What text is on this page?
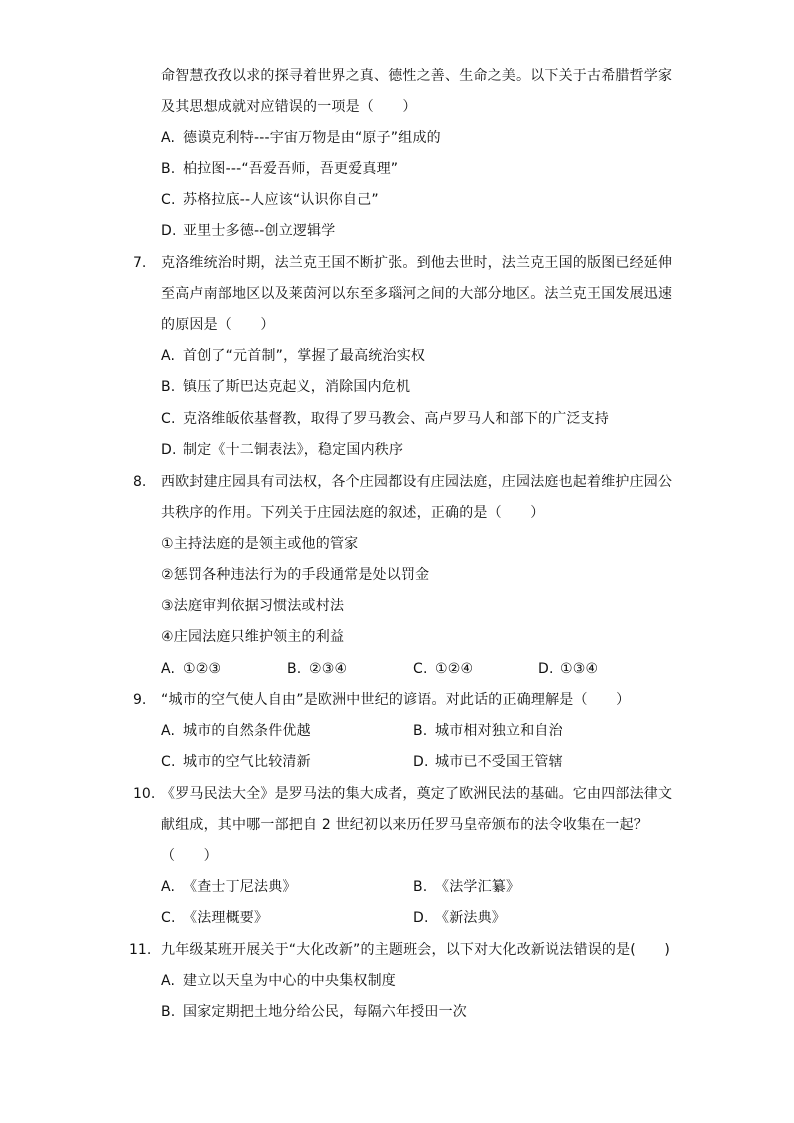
命智慧孜孜以求的探寻着世界之真、德性之善、生命之美。以下关于古希腊哲学家
及其思想成就对应错误的一项是（　　）
A. 德谟克利特---宇宙万物是由“原子”组成的
B. 柏拉图---“吾爱吾师，吾更爱真理”
C. 苏格拉底--人应该“认识你自己”
D. 亚里士多德--创立逻辑学
7. 克洛维统治时期，法兰克王国不断扩张。到他去世时，法兰克王国的版图已经延伸
至高卢南部地区以及莱茵河以东至多瑙河之间的大部分地区。法兰克王国发展迅速
的原因是（　　）
A. 首创了“元首制”，掌握了最高统治实权
B. 镇压了斯巴达克起义，消除国内危机
C. 克洛维皈依基督教，取得了罗马教会、高卢罗马人和部下的广泛支持
D. 制定《十二铜表法》，稳定国内秩序
8. 西欧封建庄园具有司法权，各个庄园都设有庄园法庭，庄园法庭也起着维护庄园公
共秩序的作用。下列关于庄园法庭的叙述，正确的是（　　）
①主持法庭的是领主或他的管家
②惩罚各种违法行为的手段通常是处以罚金
③法庭审判依据习惯法或村法
④庄园法庭只维护领主的利益
A. ①②③	B. ②③④	C. ①②④	D. ①③④
9. “城市的空气使人自由”是欧洲中世纪的谚语。对此话的正确理解是（　　）
A. 城市的自然条件优越	B. 城市相对独立和自治
C. 城市的空气比较清新	D. 城市已不受国王管辖
10. 《罗马民法大全》是罗马法的集大成者，奠定了欧洲民法的基础。它由四部法律文
献组成，其中哪一部把自 2 世纪初以来历任罗马皇帝颁布的法令收集在一起？
（　　）
A. 《查士丁尼法典》	B. 《法学汇纂》
C. 《法理概要》	D. 《新法典》
11. 九年级某班开展关于“大化改新”的主题班会，以下对大化改新说法错误的是(　　)
A. 建立以天皇为中心的中央集权制度
B. 国家定期把土地分给公民，每隔六年授田一次
